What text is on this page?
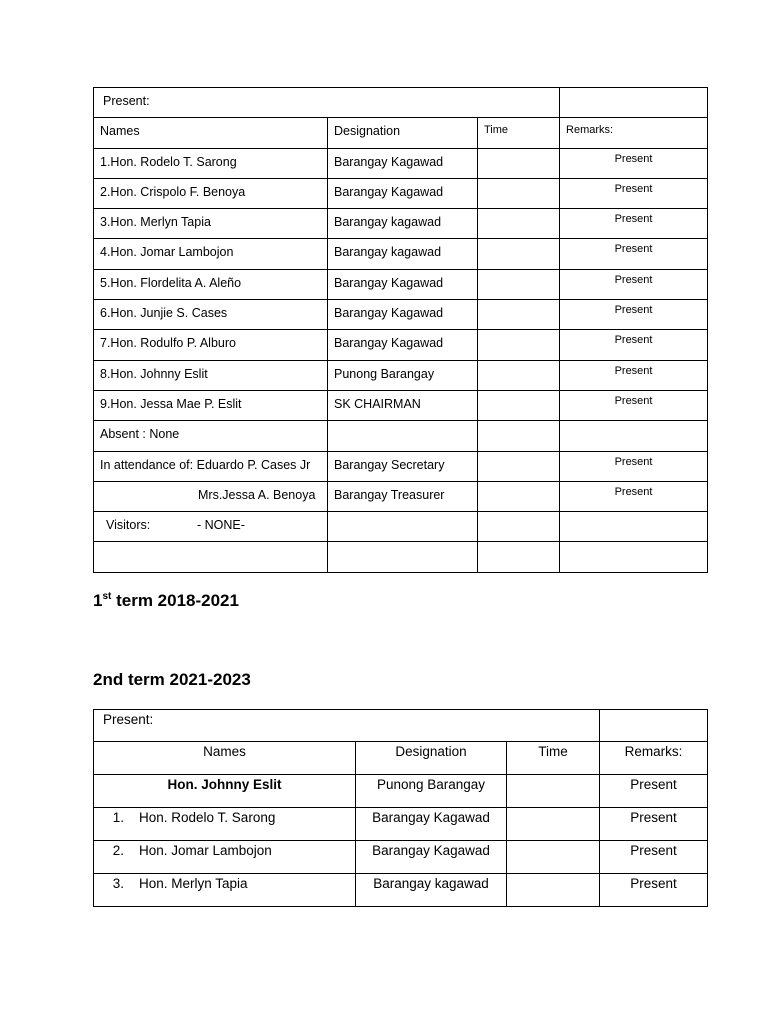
Present:			
Names	Designation	Time	Remarks:
1.Hon. Rodelo T. Sarong	Barangay Kagawad		Present
2.Hon. Crispolo F. Benoya	Barangay Kagawad		Present
3.Hon. Merlyn Tapia	Barangay kagawad		Present
4.Hon. Jomar Lambojon	Barangay kagawad		Present
5.Hon. Flordelita A. Aleño	Barangay Kagawad		Present
6.Hon. Junjie S. Cases	Barangay Kagawad		Present
7.Hon. Rodulfo P. Alburo	Barangay Kagawad		Present
8.Hon. Johnny Eslit	Punong Barangay		Present
9.Hon. Jessa Mae P. Eslit	SK CHAIRMAN		Present
Absent : None			
In attendance of: Eduardo P. Cases Jr	Barangay Secretary		Present
Mrs.Jessa A. Benoya	Barangay Treasurer		Present
Visitors: - NONE-			

1st term 2018-2021
2nd term 2021-2023
Present:			
Names	Designation	Time	Remarks:
Hon. Johnny Eslit	Punong Barangay		Present
1. Hon. Rodelo T. Sarong	Barangay Kagawad		Present
2. Hon. Jomar Lambojon	Barangay Kagawad		Present
3. Hon. Merlyn Tapia	Barangay kagawad		Present
